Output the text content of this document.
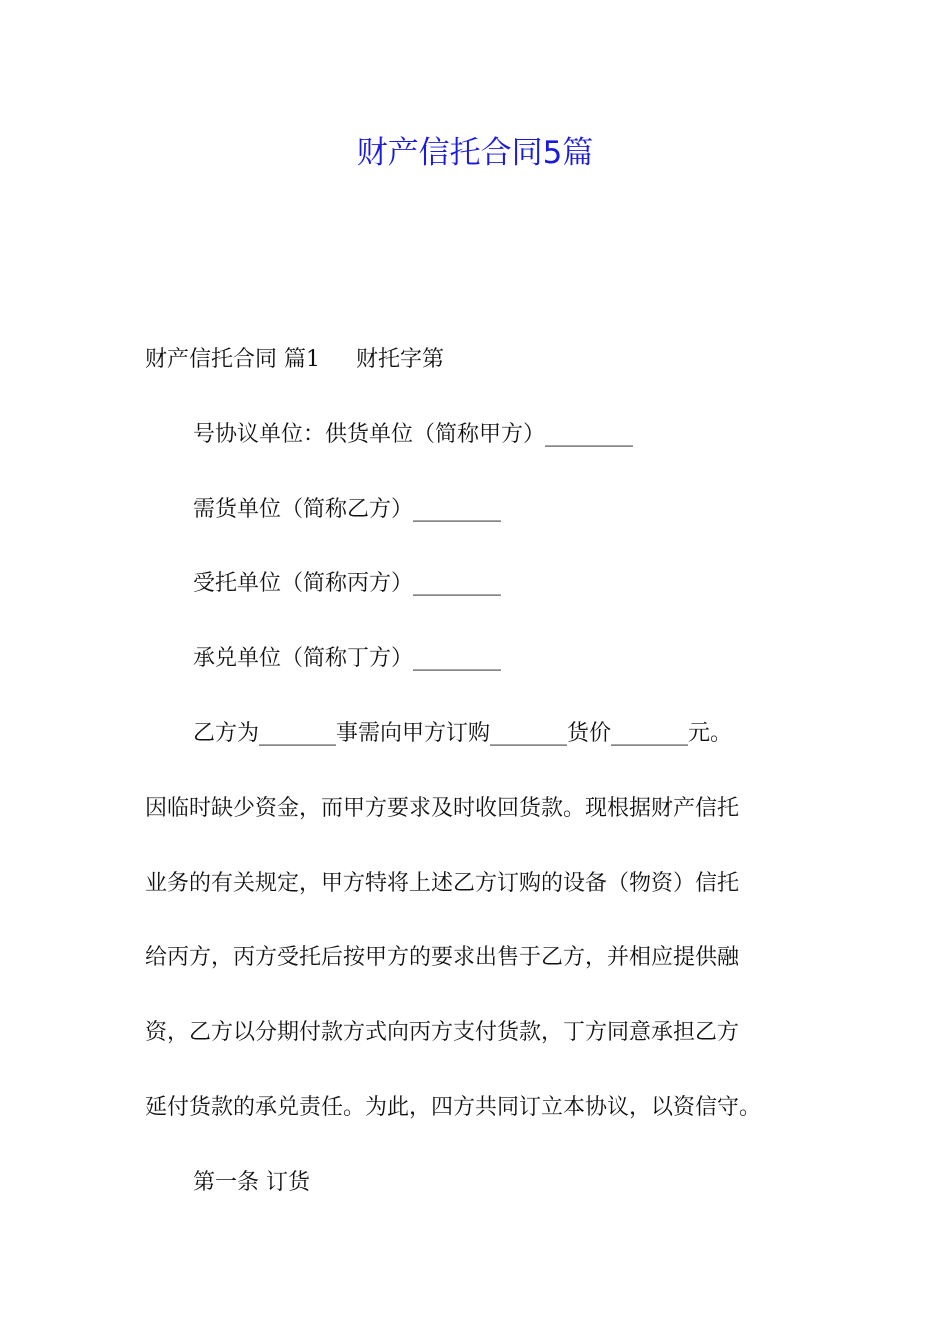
财产信托合同5篇
财产信托合同 篇1 财托字第
号协议单位：供货单位（简称甲方）________
需货单位（简称乙方）________
受托单位（简称丙方）________
承兑单位（简称丁方）________
乙方为_______事需向甲方订购_______货价_______元。
因临时缺少资金，而甲方要求及时收回货款。现根据财产信托
业务的有关规定，甲方特将上述乙方订购的设备（物资）信托
给丙方，丙方受托后按甲方的要求出售于乙方，并相应提供融
资，乙方以分期付款方式向丙方支付货款，丁方同意承担乙方
延付货款的承兑责任。为此，四方共同订立本协议，以资信守。
第一条 订货
